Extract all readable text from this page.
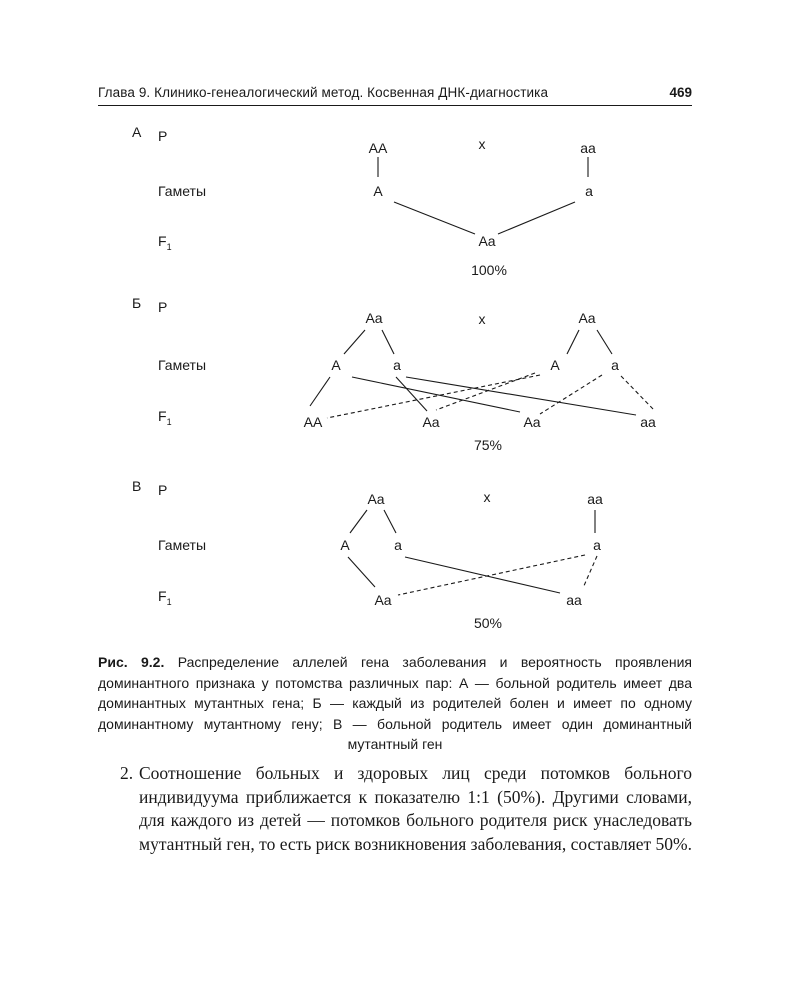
Глава 9. Клинико-генеалогический метод. Косвенная ДНК-диагностика	469
А P
Гаметы
$F_1$
AA	x	aa
A	a
Aa
100%
Б P
Гаметы
$F_1$
Aa	x	Aa
A	a	A	a
AA	Aa	Aa	aa
75%
В P
Гаметы
$F_1$
Aa	x	aa
A	a	a
Aa	aa
50%
Рис. 9.2. Распределение аллелей гена заболевания и вероятность проявления доминантного признака у потомства различных пар: А — больной родитель имеет два доминантных мутантных гена; Б — каждый из родителей болен и имеет по одному доминантному мутантному гену; В — больной родитель имеет один доминантный мутантный ген
2. Соотношение больных и здоровых лиц среди потомков больного индивидуума приближается к показателю 1:1 (50%). Другими словами, для каждого из детей — потомков больного родителя риск унаследовать мутантный ген, то есть риск возникновения заболевания, составляет 50%.
